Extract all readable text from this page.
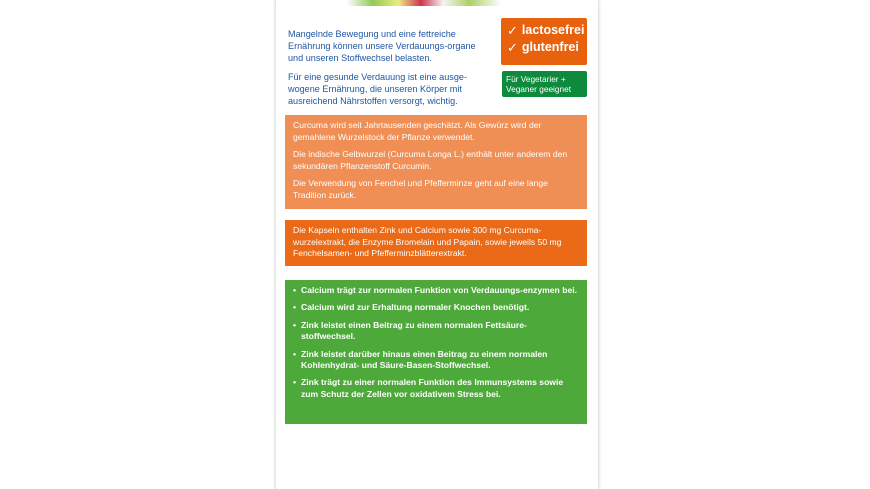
Mangelnde Bewegung und eine fettreiche Ernährung können unsere Verdauungs-organe und unseren Stoffwechsel belasten.

Für eine gesunde Verdauung ist eine ausge-wogene Ernährung, die unseren Körper mit ausreichend Nährstoffen versorgt, wichtig.

✓ lactosefrei
✓ glutenfrei
Für Vegetarier + Veganer geeignet

Curcuma wird seit Jahrtausenden geschätzt. Als Gewürz wird der gemahlene Wurzelstock der Pflanze verwendet.

Die indische Gelbwurzel (Curcuma Longa L.) enthält unter anderem den sekundären Pflanzenstoff Curcumin.

Die Verwendung von Fenchel und Pfefferminze geht auf eine lange Tradition zurück.

Die Kapseln enthalten Zink und Calcium sowie 300 mg Curcuma-wurzelextrakt, die Enzyme Bromelain und Papain, sowie jeweils 50 mg Fenchelsamen- und Pfefferminzblätterextrakt.
• Calcium trägt zur normalen Funktion von Verdauungs-enzymen bei.
• Calcium wird zur Erhaltung normaler Knochen benötigt.
• Zink leistet einen Beitrag zu einem normalen Fettsäure-stoffwechsel.
• Zink leistet darüber hinaus einen Beitrag zu einem normalen Kohlenhydrat- und Säure-Basen-Stoffwechsel.
• Zink trägt zu einer normalen Funktion des Immunsystems sowie zum Schutz der Zellen vor oxidativem Stress bei.
